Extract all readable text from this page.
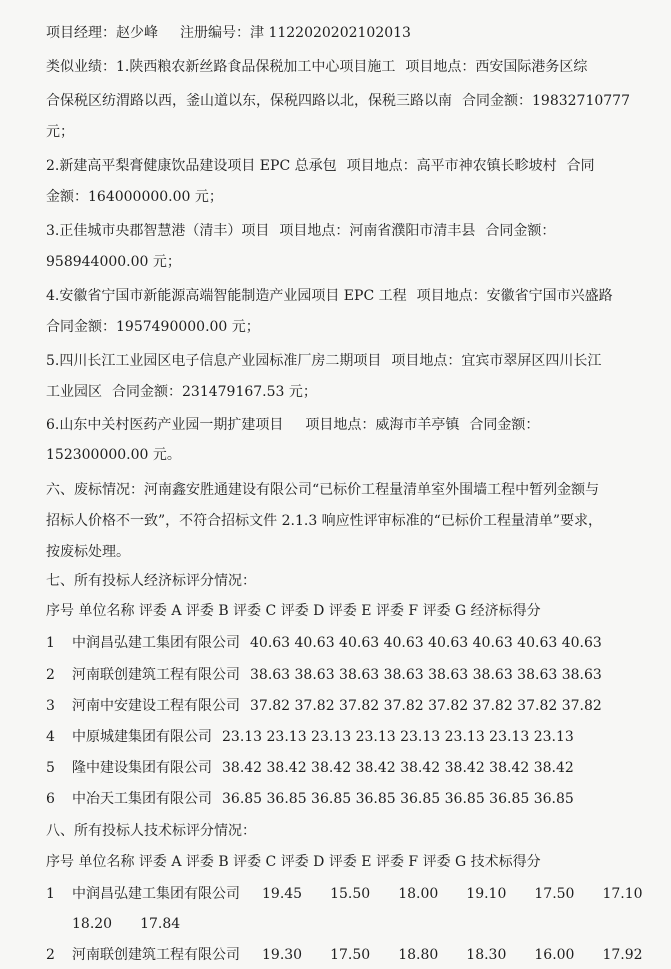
项目经理：赵少峰 注册编号：津 1122020202102013
类似业绩：1.陕西粮农新丝路食品保税加工中心项目施工 项目地点：西安国际港务区综
合保税区纺渭路以西，釜山道以东，保税四路以北，保税三路以南 合同金额：19832710777
元；
2.新建高平梨膏健康饮品建设项目 EPC 总承包 项目地点：高平市神农镇长畛坡村 合同
金额：164000000.00 元；
3.正佳城市央郡智慧港（清丰）项目 项目地点：河南省濮阳市清丰县 合同金额：
958944000.00 元；
4.安徽省宁国市新能源高端智能制造产业园项目 EPC 工程 项目地点：安徽省宁国市兴盛路
合同金额：1957490000.00 元；
5.四川长江工业园区电子信息产业园标准厂房二期项目 项目地点：宜宾市翠屏区四川长江
工业园区 合同金额：231479167.53 元；
6.山东中关村医药产业园一期扩建项目 项目地点：威海市羊亭镇 合同金额：
152300000.00 元。
六、废标情况：河南鑫安胜通建设有限公司“已标价工程量清单室外围墙工程中暂列金额与
招标人价格不一致”，不符合招标文件 2.1.3 响应性评审标准的“已标价工程量清单”要求，
按废标处理。
七、所有投标人经济标评分情况：
序号 单位名称 评委 A 评委 B 评委 C 评委 D 评委 E 评委 F 评委 G 经济标得分
1 中润昌弘建工集团有限公司 40.63 40.63 40.63 40.63 40.63 40.63 40.63 40.63
2 河南联创建筑工程有限公司 38.63 38.63 38.63 38.63 38.63 38.63 38.63 38.63
3 河南中安建设工程有限公司 37.82 37.82 37.82 37.82 37.82 37.82 37.82 37.82
4 中原城建集团有限公司 23.13 23.13 23.13 23.13 23.13 23.13 23.13 23.13
5 隆中建设集团有限公司 38.42 38.42 38.42 38.42 38.42 38.42 38.42 38.42
6 中冶天工集团有限公司 36.85 36.85 36.85 36.85 36.85 36.85 36.85 36.85
八、所有投标人技术标评分情况：
序号 单位名称 评委 A 评委 B 评委 C 评委 D 评委 E 评委 F 评委 G 技术标得分
1 中润昌弘建工集团有限公司 19.45 15.50 18.00 19.10 17.50 17.10
18.20 17.84
2 河南联创建筑工程有限公司 19.30 17.50 18.80 18.30 16.00 17.92
